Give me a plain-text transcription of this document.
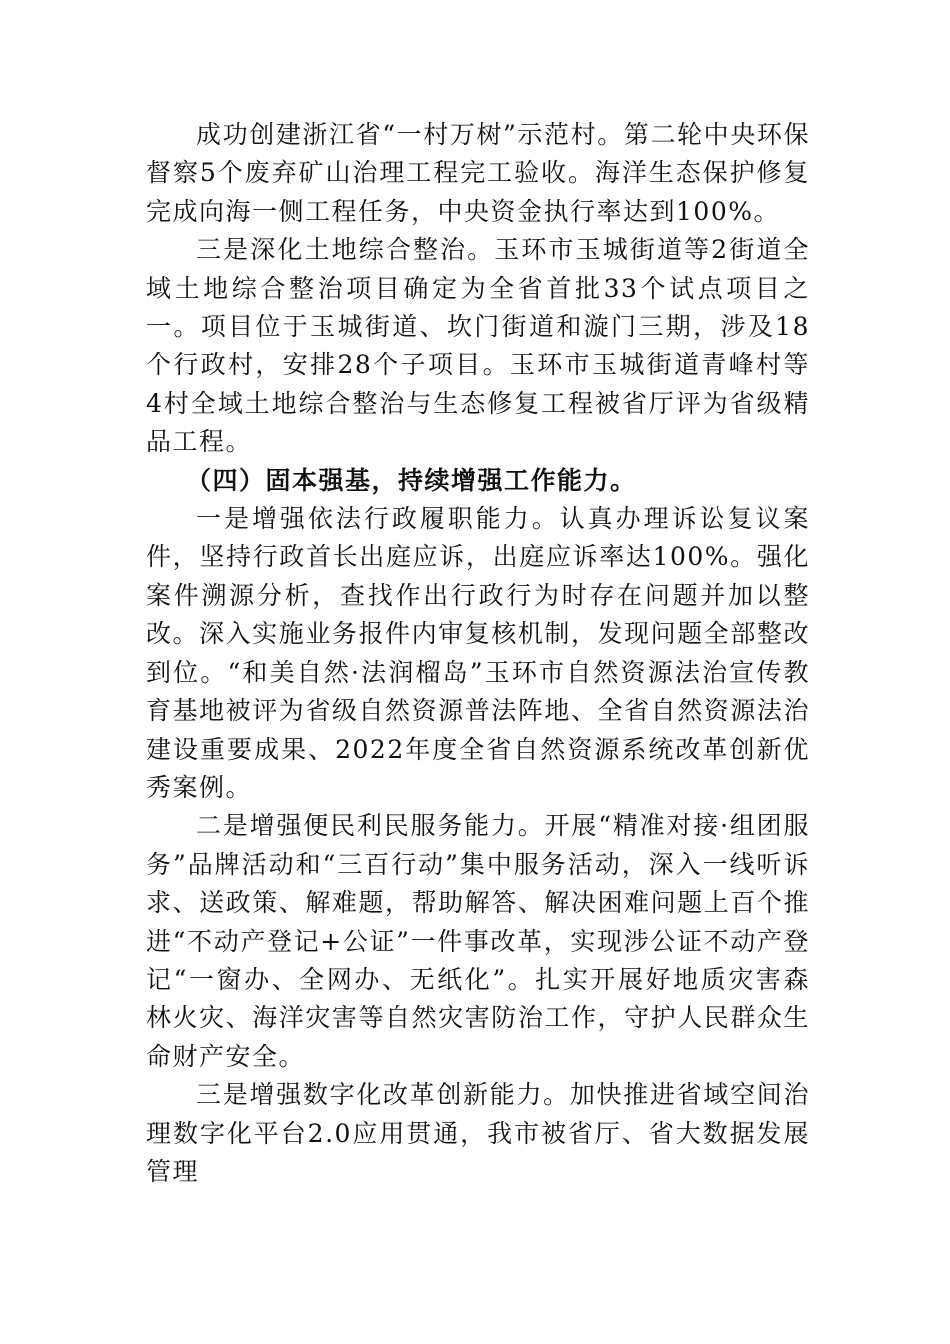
成功创建浙江省“一村万树”示范村。第二轮中央环保督察5个废弃矿山治理工程完工验收。海洋生态保护修复完成向海一侧工程任务，中央资金执行率达到100%。

三是深化土地综合整治。玉环市玉城街道等2街道全域土地综合整治项目确定为全省首批33个试点项目之一。项目位于玉城街道、坎门街道和漩门三期，涉及18个行政村，安排28个子项目。玉环市玉城街道青峰村等 4村全域土地综合整治与生态修复工程被省厅评为省级精品工程。

（四）固本强基，持续增强工作能力。

一是增强依法行政履职能力。认真办理诉讼复议案件，坚持行政首长出庭应诉，出庭应诉率达100%。强化案件溯源分析，查找作出行政行为时存在问题并加以整改。深入实施业务报件内审复核机制，发现问题全部整改到位。“和美自然·法润榴岛”玉环市自然资源法治宣传教育基地被评为省级自然资源普法阵地、全省自然资源法治建设重要成果、2022年度全省自然资源系统改革创新优秀案例。

二是增强便民利民服务能力。开展“精准对接·组团服务”品牌活动和“三百行动”集中服务活动，深入一线听诉求、送政策、解难题，帮助解答、解决困难问题上百个推进“不动产登记+公证”一件事改革，实现涉公证不动产登记“一窗办、全网办、无纸化”。扎实开展好地质灾害森林火灾、海洋灾害等自然灾害防治工作，守护人民群众生命财产安全。

三是增强数字化改革创新能力。加快推进省域空间治理数字化平台2.0应用贯通，我市被省厅、省大数据发展管理
